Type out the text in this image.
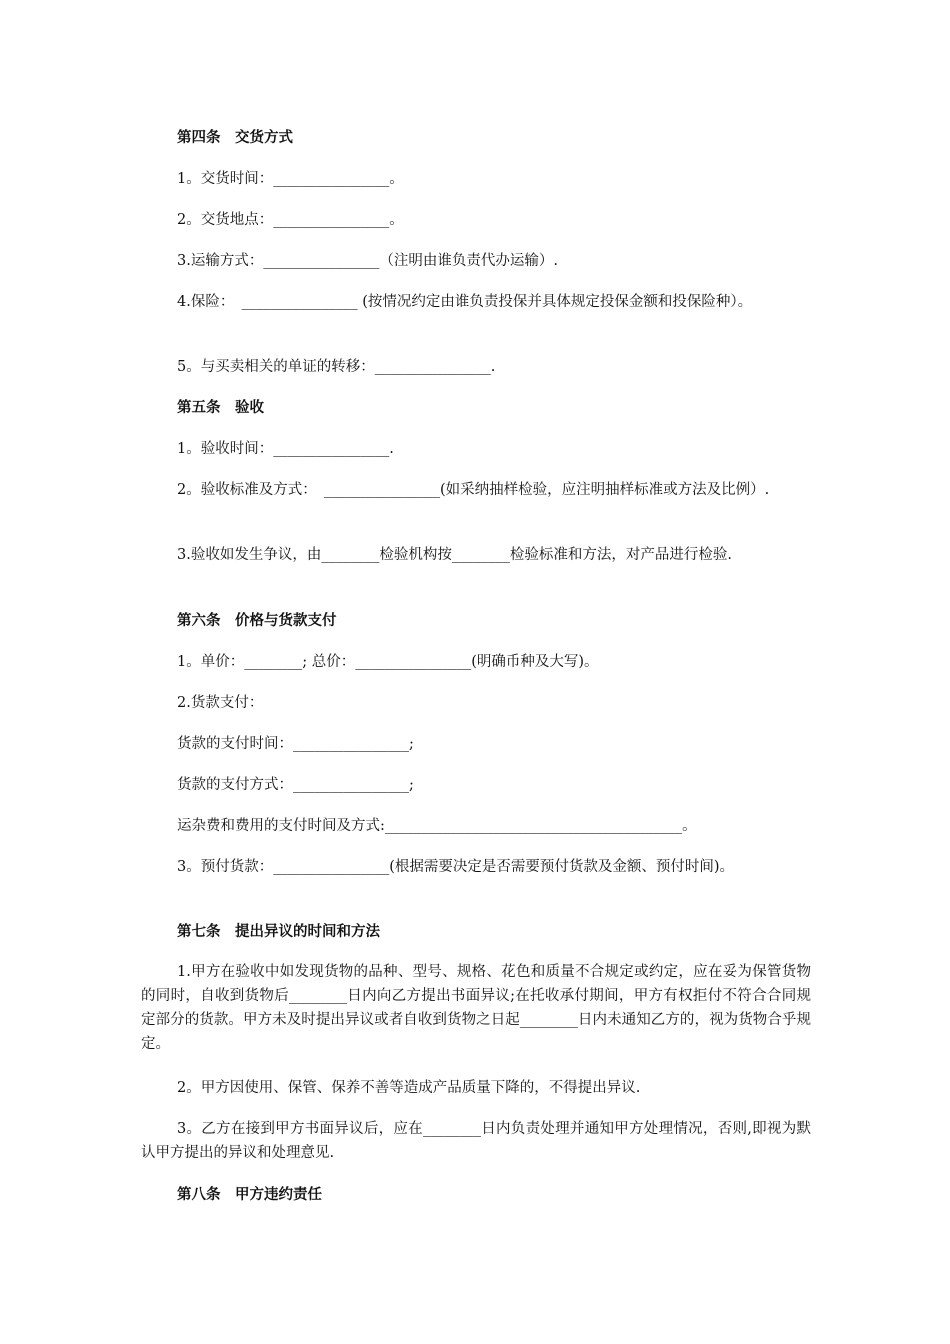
第四条　交货方式
1。交货时间：________________。
2。交货地点：________________。
3.运输方式：________________（注明由谁负责代办运输）.
4.保险：　________________ (按情况约定由谁负责投保并具体规定投保金额和投保险种）。
5。与买卖相关的单证的转移：________________.
第五条　验收
1。验收时间：________________.
2。验收标准及方式：　________________(如采纳抽样检验，应注明抽样标准或方法及比例）.
3.验收如发生争议，由________检验机构按________检验标准和方法，对产品进行检验.
第六条　价格与货款支付
1。单价：________; 总价：________________(明确币种及大写)。
2.货款支付：
货款的支付时间：________________;
货款的支付方式：________________;
运杂费和费用的支付时间及方式:_________________________________________。
3。预付货款：________________(根据需要决定是否需要预付货款及金额、预付时间)。
第七条　提出异议的时间和方法
1.甲方在验收中如发现货物的品种、型号、规格、花色和质量不合规定或约定，应在妥为保管货物的同时，自收到货物后________日内向乙方提出书面异议;在托收承付期间，甲方有权拒付不符合合同规定部分的货款。甲方未及时提出异议或者自收到货物之日起________日内未通知乙方的，视为货物合乎规定。
2。甲方因使用、保管、保养不善等造成产品质量下降的，不得提出异议.
3。乙方在接到甲方书面异议后，应在________日内负责处理并通知甲方处理情况，否则,即视为默认甲方提出的异议和处理意见.
第八条　甲方违约责任
